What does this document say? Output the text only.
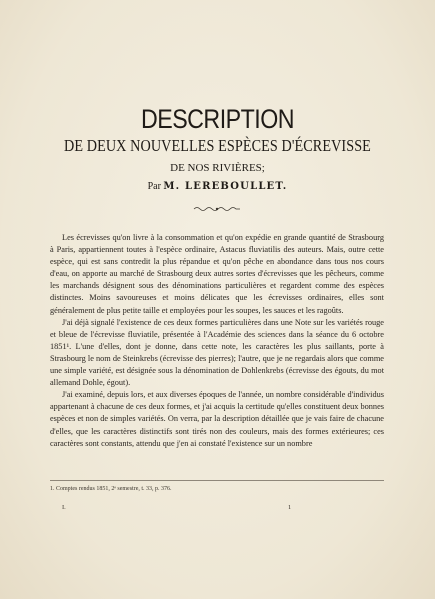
DESCRIPTION
DE DEUX NOUVELLES ESPÈCES D'ÉCREVISSE
DE NOS RIVIÈRES;
Par M. LEREBOULLET.

Les écrevisses qu'on livre à la consommation et qu'on expédie en grande quantité de Strasbourg à Paris, appartiennent toutes à l'espèce ordinaire, Astacus fluviatilis des auteurs. Mais, outre cette espèce, qui est sans contredit la plus répandue et qu'on pêche en abondance dans tous nos cours d'eau, on apporte au marché de Strasbourg deux autres sortes d'écrevisses que les pêcheurs, comme les marchands désignent sous des dénominations particulières et regardent comme des espèces distinctes. Moins savoureuses et moins délicates que les écrevisses ordinaires, elles sont généralement de plus petite taille et employées pour les soupes, les sauces et les ragoûts.

J'ai déjà signalé l'existence de ces deux formes particulières dans une Note sur les variétés rouge et bleue de l'écrevisse fluviatile, présentée à l'Académie des sciences dans la séance du 6 octobre 1851¹. L'une d'elles, dont je donne, dans cette note, les caractères les plus saillants, porte à Strasbourg le nom de Steinkrebs (écrevisse des pierres); l'autre, que je ne regardais alors que comme une simple variété, est désignée sous la dénomination de Dohlenkrebs (écrevisse des égouts, du mot allemand Dohle, égout).

J'ai examiné, depuis lors, et aux diverses époques de l'année, un nombre considérable d'individus appartenant à chacune de ces deux formes, et j'ai acquis la certitude qu'elles constituent deux bonnes espèces et non de simples variétés. On verra, par la description détaillée que je vais faire de chacune d'elles, que les caractères distinctifs sont tirés non des couleurs, mais des formes extérieures; ces caractères sont constants, attendu que j'en ai constaté l'existence sur un nombre

1. Comptes rendus 1851, 2ᵉ semestre, t. 33, p. 376.
I.	1
